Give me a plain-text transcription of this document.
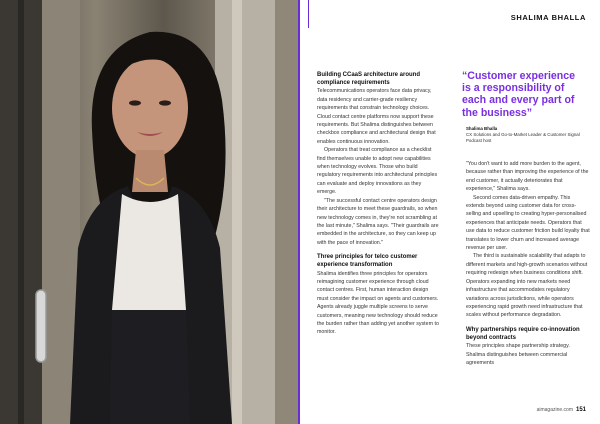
SHALIMA BHALLA
Building CCaaS architecture around compliance requirements

Telecommunications operators face data privacy, data residency and carrier-grade resiliency requirements that constrain technology choices. Cloud contact centre platforms now support these requirements. But Shalima distinguishes between checkbox compliance and architectural design that enables continuous innovation.

Operators that treat compliance as a checklist find themselves unable to adopt new capabilities when technology evolves. Those who build regulatory requirements into architectural principles can evaluate and deploy innovations as they emerge.

"The successful contact centre operators design their architecture to meet these guardrails, so when new technology comes in, they're not scrambling at the last minute," Shalima says. "Their guardrails are embedded in the architecture, so they can keep up with the pace of innovation."

Three principles for telco customer experience transformation

Shalima identifies three principles for operators reimagining customer experience through cloud contact centres. First, human interaction design must consider the impact on agents and customers. Agents already juggle multiple screens to serve customers, meaning new technology should reduce the burden rather than adding yet another system to monitor.

“Customer experience is a responsibility of each and every part of the business”
Shalima Bhalla
CX Solutions and Go-to-Market Leader & Customer Signal Podcast host

"You don't want to add more burden to the agent, because rather than improving the experience of the end customer, it actually deteriorates that experience," Shalima says.

Second comes data-driven empathy. This extends beyond using customer data for cross-selling and upselling to creating hyper-personalised experiences that anticipate needs. Operators that use data to reduce customer friction build loyalty that translates to lower churn and increased average revenue per user.

The third is sustainable scalability that adapts to different markets and high-growth scenarios without requiring redesign when business conditions shift. Operators expanding into new markets need infrastructure that accommodates regulatory variations across jurisdictions, while operators experiencing rapid growth need infrastructure that scales without performance degradation.

Why partnerships require co-innovation beyond contracts

These principles shape partnership strategy. Shalima distinguishes between commercial agreements

aimagazine.com 151
